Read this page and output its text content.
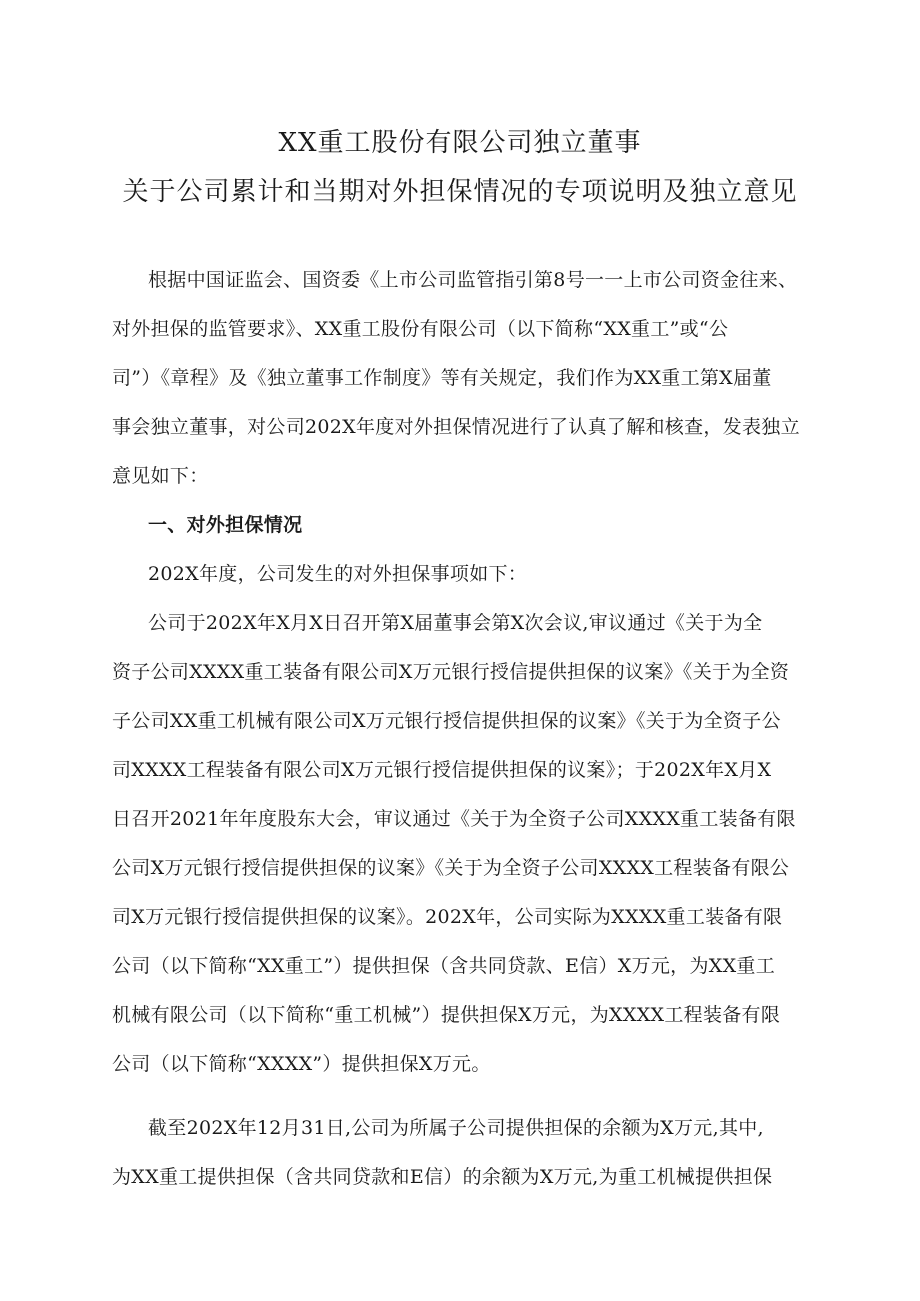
XX重工股份有限公司独立董事
关于公司累计和当期对外担保情况的专项说明及独立意见
根据中国证监会、国资委《上市公司监管指引第8号一一上市公司资金往来、
对外担保的监管要求》、XX重工股份有限公司（以下简称“XX重工”或“公
司”）《章程》及《独立董事工作制度》等有关规定，我们作为XX重工第X届董
事会独立董事，对公司202X年度对外担保情况进行了认真了解和核查，发表独立
意见如下：
一、对外担保情况
202X年度，公司发生的对外担保事项如下：
公司于202X年X月X日召开第X届董事会第X次会议,审议通过《关于为全
资子公司XXXX重工装备有限公司X万元银行授信提供担保的议案》《关于为全资
子公司XX重工机械有限公司X万元银行授信提供担保的议案》《关于为全资子公
司XXXX工程装备有限公司X万元银行授信提供担保的议案》；于202X年X月X
日召开2021年年度股东大会，审议通过《关于为全资子公司XXXX重工装备有限
公司X万元银行授信提供担保的议案》《关于为全资子公司XXXX工程装备有限公
司X万元银行授信提供担保的议案》。202X年，公司实际为XXXX重工装备有限
公司（以下简称“XX重工”）提供担保（含共同贷款、E信）X万元，为XX重工
机械有限公司（以下简称“重工机械”）提供担保X万元，为XXXX工程装备有限
公司（以下简称“XXXX”）提供担保X万元。
截至202X年12月31日,公司为所属子公司提供担保的余额为X万元,其中,
为XX重工提供担保（含共同贷款和E信）的余额为X万元,为重工机械提供担保
